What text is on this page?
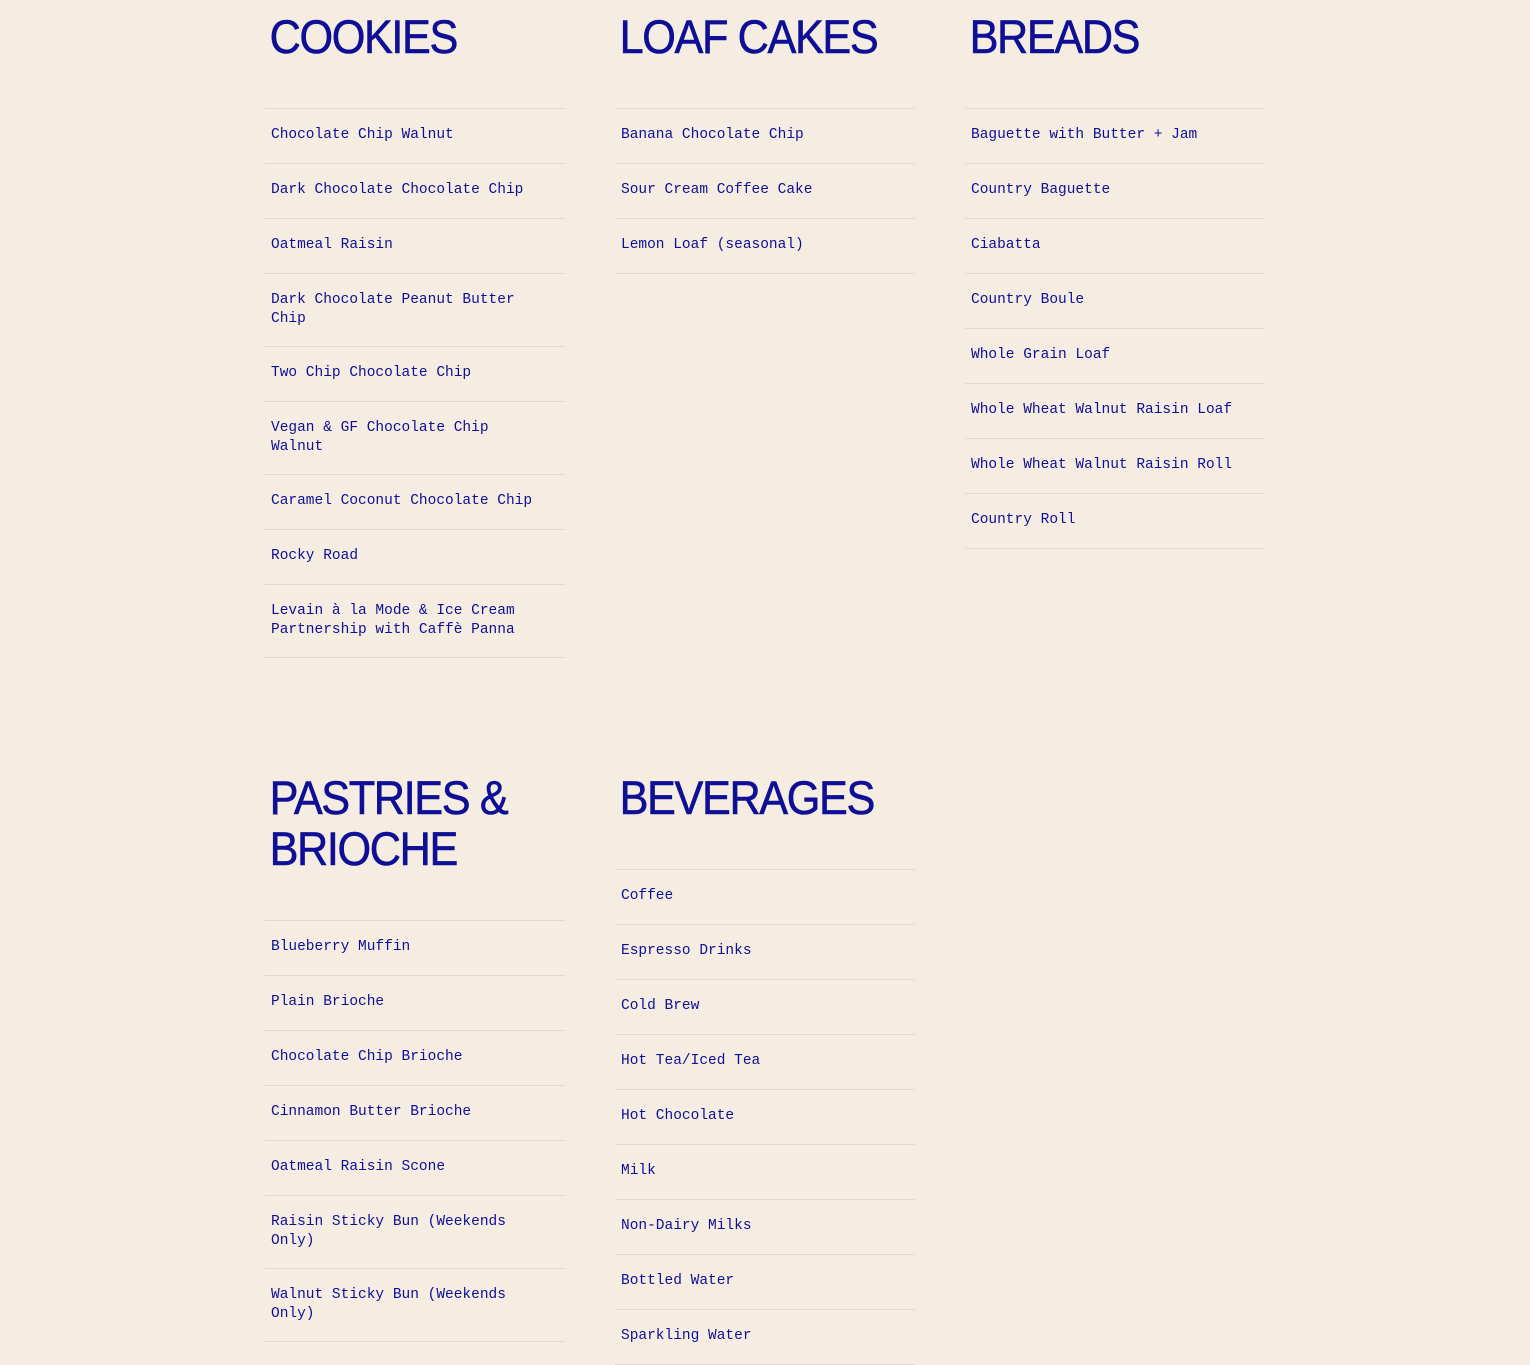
COOKIES
Chocolate Chip Walnut
Dark Chocolate Chocolate Chip
Oatmeal Raisin
Dark Chocolate Peanut Butter Chip
Two Chip Chocolate Chip
Vegan & GF Chocolate Chip Walnut
Caramel Coconut Chocolate Chip
Rocky Road
Levain à la Mode & Ice Cream Partnership with Caffè Panna
LOAF CAKES
Banana Chocolate Chip
Sour Cream Coffee Cake
Lemon Loaf (seasonal)
BREADS
Baguette with Butter + Jam
Country Baguette
Ciabatta
Country Boule
Whole Grain Loaf
Whole Wheat Walnut Raisin Loaf
Whole Wheat Walnut Raisin Roll
Country Roll
PASTRIES & BRIOCHE
Blueberry Muffin
Plain Brioche
Chocolate Chip Brioche
Cinnamon Butter Brioche
Oatmeal Raisin Scone
Raisin Sticky Bun (Weekends Only)
Walnut Sticky Bun (Weekends Only)
BEVERAGES
Coffee
Espresso Drinks
Cold Brew
Hot Tea/Iced Tea
Hot Chocolate
Milk
Non-Dairy Milks
Bottled Water
Sparkling Water
